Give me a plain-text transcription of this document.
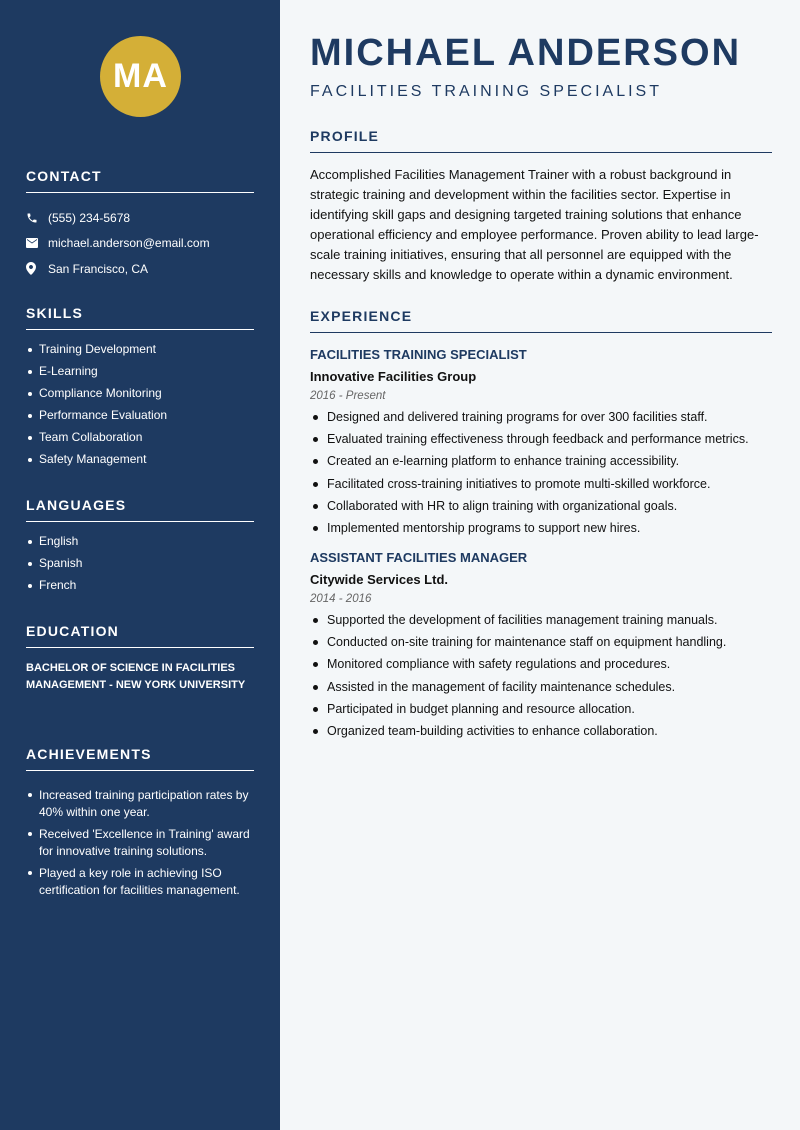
MA
CONTACT
(555) 234-5678
michael.anderson@email.com
San Francisco, CA
SKILLS
Training Development
E-Learning
Compliance Monitoring
Performance Evaluation
Team Collaboration
Safety Management
LANGUAGES
English
Spanish
French
EDUCATION

BACHELOR OF SCIENCE IN FACILITIES MANAGEMENT - NEW YORK UNIVERSITY

ACHIEVEMENTS
Increased training participation rates by 40% within one year.
Received 'Excellence in Training' award for innovative training solutions.
Played a key role in achieving ISO certification for facilities management.
MICHAEL ANDERSON
FACILITIES TRAINING SPECIALIST
PROFILE

Accomplished Facilities Management Trainer with a robust background in strategic training and development within the facilities sector. Expertise in identifying skill gaps and designing targeted training solutions that enhance operational efficiency and employee performance. Proven ability to lead large-scale training initiatives, ensuring that all personnel are equipped with the necessary skills and knowledge to operate within a dynamic environment.

EXPERIENCE
FACILITIES TRAINING SPECIALIST
Innovative Facilities Group
2016 - Present
Designed and delivered training programs for over 300 facilities staff.
Evaluated training effectiveness through feedback and performance metrics.
Created an e-learning platform to enhance training accessibility.
Facilitated cross-training initiatives to promote multi-skilled workforce.
Collaborated with HR to align training with organizational goals.
Implemented mentorship programs to support new hires.
ASSISTANT FACILITIES MANAGER
Citywide Services Ltd.
2014 - 2016
Supported the development of facilities management training manuals.
Conducted on-site training for maintenance staff on equipment handling.
Monitored compliance with safety regulations and procedures.
Assisted in the management of facility maintenance schedules.
Participated in budget planning and resource allocation.
Organized team-building activities to enhance collaboration.
